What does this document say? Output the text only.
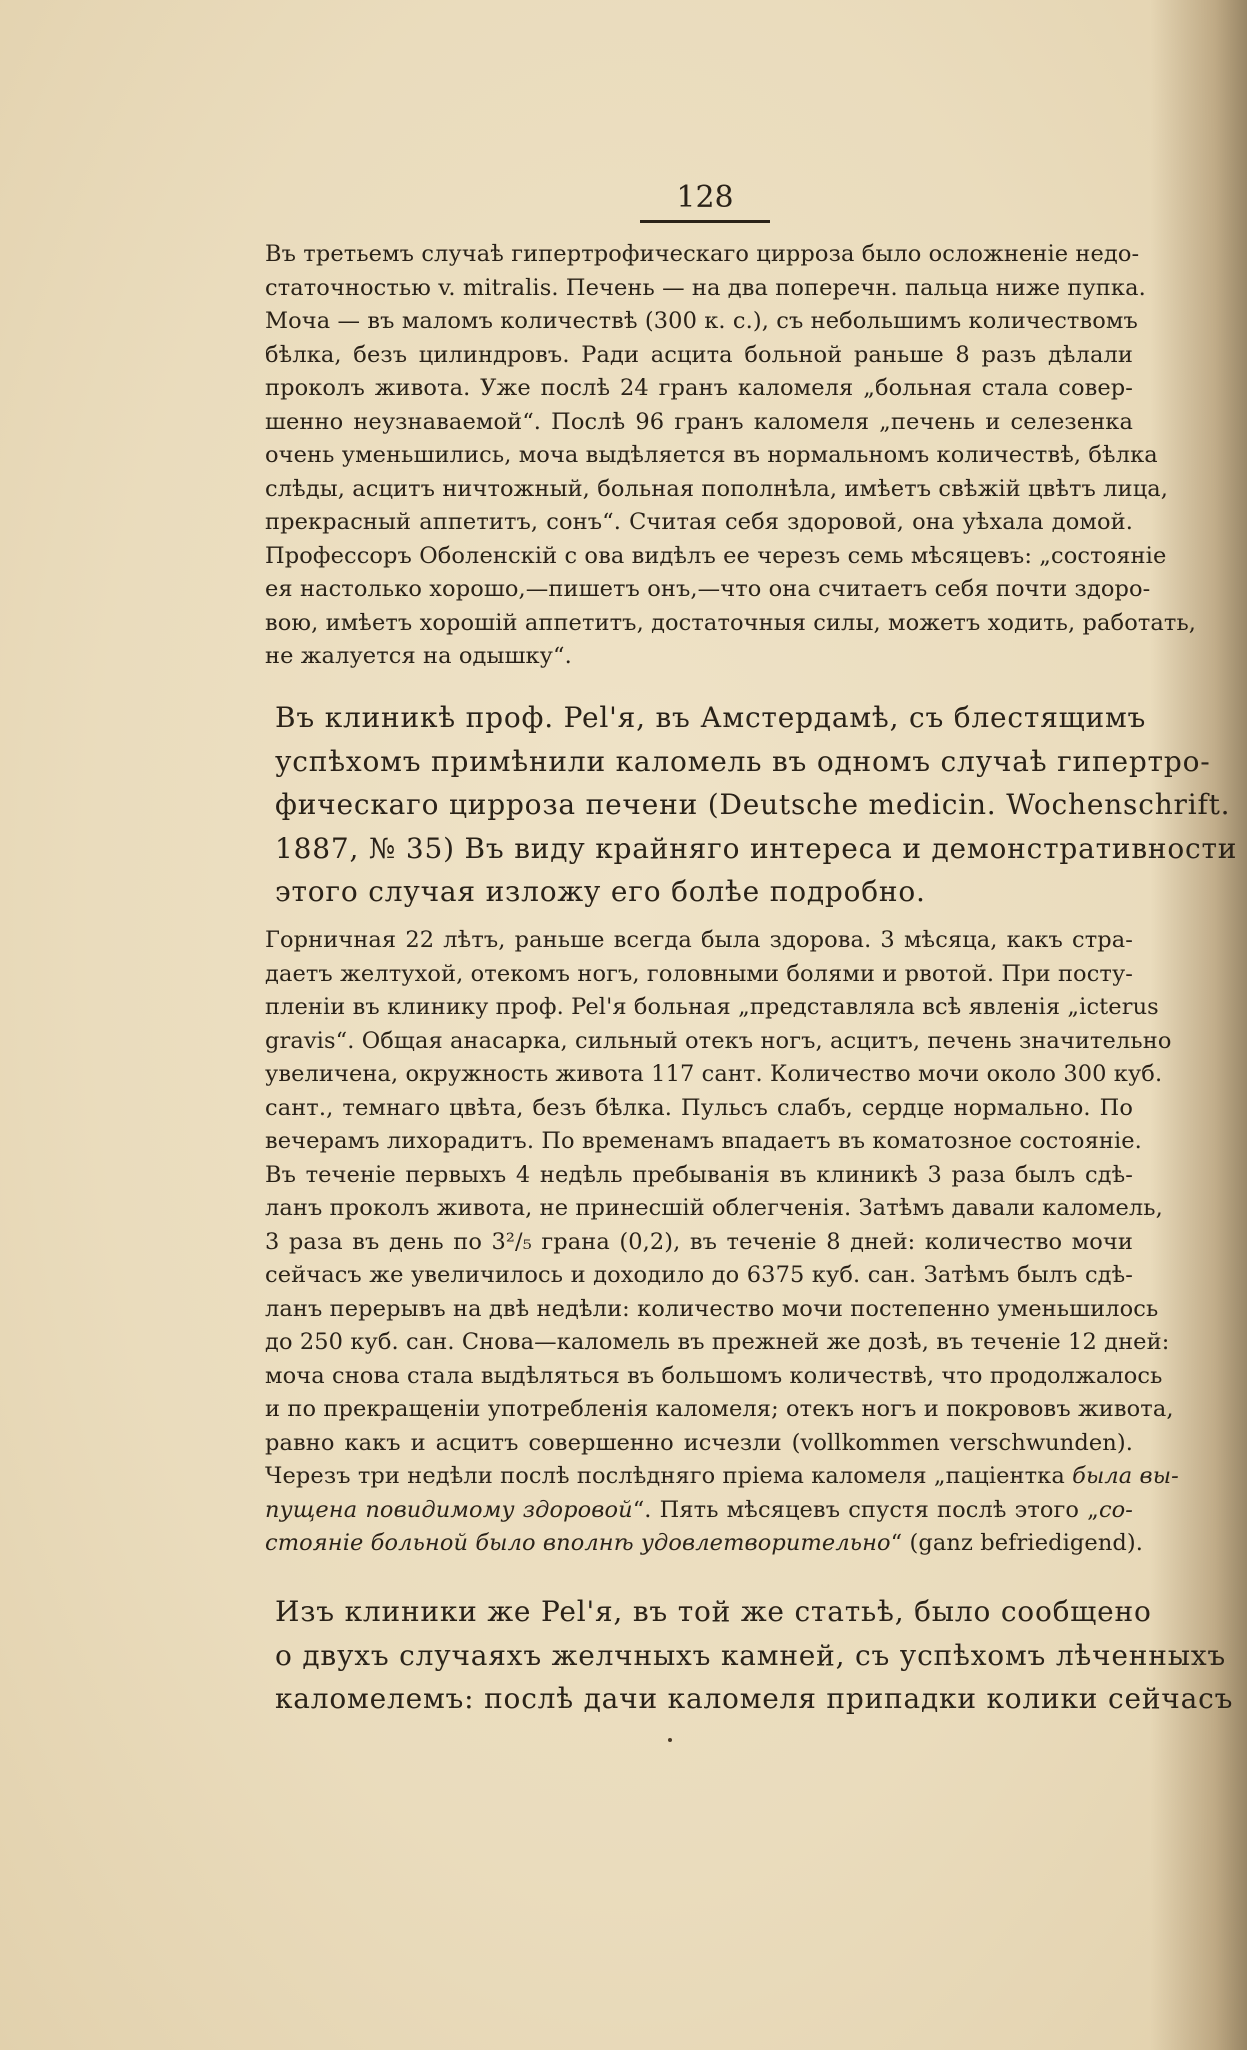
128
Въ третьемъ случаѣ гипертрофическаго цирроза было осложненіе недо-
статочностью v. mitralis. Печень — на два поперечн. пальца ниже пупка.
Моча — въ маломъ количествѣ (300 к. с.), съ небольшимъ количествомъ
бѣлка, безъ цилиндровъ. Ради асцита больной раньше 8 разъ дѣлали
проколъ живота. Уже послѣ 24 гранъ каломеля „больная стала совер-
шенно неузнаваемой“. Послѣ 96 гранъ каломеля „печень и селезенка
очень уменьшились, моча выдѣляется въ нормальномъ количествѣ, бѣлка
слѣды, асцитъ ничтожный, больная пополнѣла, имѣетъ свѣжій цвѣтъ лица,
прекрасный аппетитъ, сонъ“. Считая себя здоровой, она уѣхала домой.
Профессоръ Оболенскій с ова видѣлъ ее черезъ семь мѣсяцевъ: „состояніе
ея настолько хорошо,—пишетъ онъ,—что она считаетъ себя почти здоро-
вою, имѣетъ хорошій аппетитъ, достаточныя силы, можетъ ходить, работать,
не жалуется на одышку“.
Въ клиникѣ проф. Pel'я, въ Амстердамѣ, съ блестящимъ
успѣхомъ примѣнили каломель въ одномъ случаѣ гипертро-
фическаго цирроза печени (Deutsche medicin. Wochenschrift.
1887, № 35) Въ виду крайняго интереса и демонстративности
этого случая изложу его болѣе подробно.
Горничная 22 лѣтъ, раньше всегда была здорова. 3 мѣсяца, какъ стра-
даетъ желтухой, отекомъ ногъ, головными болями и рвотой. При посту-
пленіи въ клинику проф. Pel'я больная „представляла всѣ явленія „icterus
gravis“. Общая анасарка, сильный отекъ ногъ, асцитъ, печень значительно
увеличена, окружность живота 117 сант. Количество мочи около 300 куб.
сант., темнаго цвѣта, безъ бѣлка. Пульсъ слабъ, сердце нормально. По
вечерамъ лихорадитъ. По временамъ впадаетъ въ коматозное состояніе.
Въ теченіе первыхъ 4 недѣль пребыванія въ клиникѣ 3 раза былъ сдѣ-
ланъ проколъ живота, не принесшій облегченія. Затѣмъ давали каломель,
3 раза въ день по 3²/₅ грана (0,2), въ теченіе 8 дней: количество мочи
сейчасъ же увеличилось и доходило до 6375 куб. сан. Затѣмъ былъ сдѣ-
ланъ перерывъ на двѣ недѣли: количество мочи постепенно уменьшилось
до 250 куб. сан. Снова—каломель въ прежней же дозѣ, въ теченіе 12 дней:
моча снова стала выдѣляться въ большомъ количествѣ, что продолжалось
и по прекращеніи употребленія каломеля; отекъ ногъ и покрововъ живота,
равно какъ и асцитъ совершенно исчезли (vollkommen verschwunden).
Черезъ три недѣли послѣ послѣдняго пріема каломеля „паціентка была вы-
пущена повидимому здоровой“. Пять мѣсяцевъ спустя послѣ этого „со-
стояніе больной было вполнѣ удовлетворительно“ (ganz befriedigend).
Изъ клиники же Pel'я, въ той же статьѣ, было сообщено
о двухъ случаяхъ желчныхъ камней, съ успѣхомъ лѣченныхъ
каломелемъ: послѣ дачи каломеля припадки колики сейчасъ
